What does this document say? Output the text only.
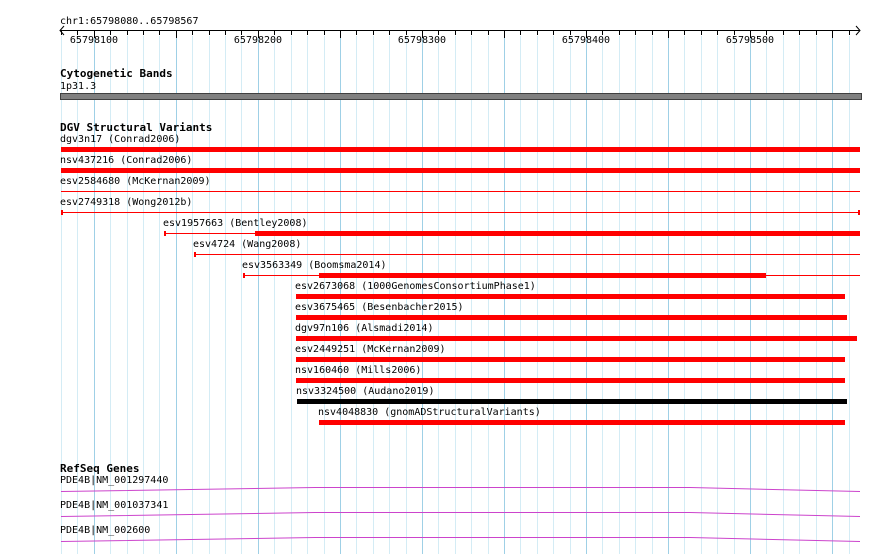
chr1:65798080..65798567
65798100	65798200	65798300	65798400	65798500
Cytogenetic Bands
1p31.3
DGV Structural Variants
dgv3n17 (Conrad2006)
nsv437216 (Conrad2006)
esv2584680 (McKernan2009)
esv2749318 (Wong2012b)
esv1957663 (Bentley2008)
esv4724 (Wang2008)
esv3563349 (Boomsma2014)
esv2673068 (1000GenomesConsortiumPhase1)
esv3675465 (Besenbacher2015)
dgv97n106 (Alsmadi2014)
esv2449251 (McKernan2009)
nsv160460 (Mills2006)
nsv3324500 (Audano2019)
nsv4048830 (gnomADStructuralVariants)
RefSeq Genes
PDE4B|NM_001297440
PDE4B|NM_001037341
PDE4B|NM_002600
